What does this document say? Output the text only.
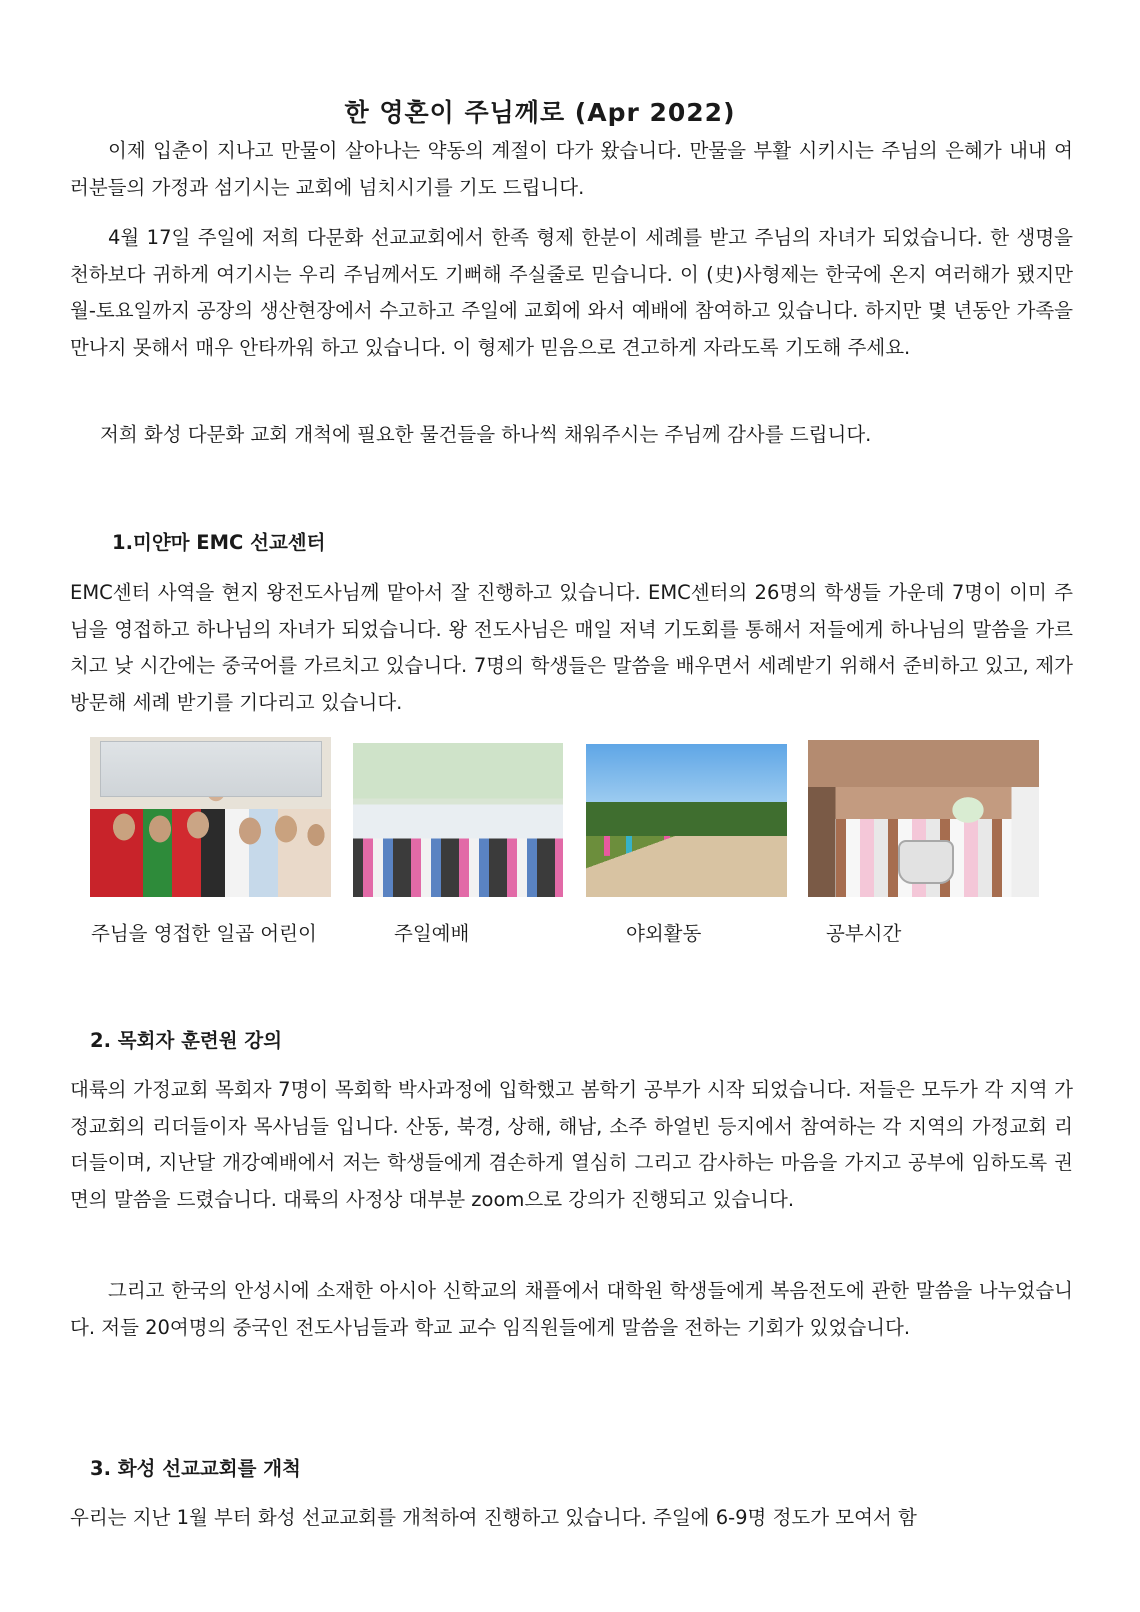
한 영혼이 주님께로 (Apr 2022)

이제 입춘이 지나고 만물이 살아나는 약동의 계절이 다가 왔습니다. 만물을 부활 시키시는 주님의 은혜가 내내 여러분들의 가정과 섬기시는 교회에 넘치시기를 기도 드립니다.

4월 17일 주일에 저희 다문화 선교교회에서 한족 형제 한분이 세례를 받고 주님의 자녀가 되었습니다. 한 생명을 천하보다 귀하게 여기시는 우리 주님께서도 기뻐해 주실줄로 믿습니다. 이 (史)사형제는 한국에 온지 여러해가 됐지만 월-토요일까지 공장의 생산현장에서 수고하고 주일에 교회에 와서 예배에 참여하고 있습니다. 하지만 몇 년동안 가족을 만나지 못해서 매우 안타까워 하고 있습니다. 이 형제가 믿음으로 견고하게 자라도록 기도해 주세요.

저희 화성 다문화 교회 개척에 필요한 물건들을 하나씩 채워주시는 주님께 감사를 드립니다.

1.미얀마 EMC 선교센터

EMC센터 사역을 현지 왕전도사님께 맡아서 잘 진행하고 있습니다. EMC센터의 26명의 학생들 가운데 7명이 이미 주님을 영접하고 하나님의 자녀가 되었습니다. 왕 전도사님은 매일 저녁 기도회를 통해서 저들에게 하나님의 말씀을 가르치고 낮 시간에는 중국어를 가르치고 있습니다. 7명의 학생들은 말씀을 배우면서 세례받기 위해서 준비하고 있고, 제가 방문해 세례 받기를 기다리고 있습니다.

주님을 영접한 일곱 어린이	주일예배	야외활동	공부시간

2. 목회자 훈련원 강의

대륙의 가정교회 목회자 7명이 목회학 박사과정에 입학했고 봄학기 공부가 시작 되었습니다. 저들은 모두가 각 지역 가정교회의 리더들이자 목사님들 입니다. 산동, 북경, 상해, 해남, 소주 하얼빈 등지에서 참여하는 각 지역의 가정교회 리더들이며, 지난달 개강예배에서 저는 학생들에게 겸손하게 열심히 그리고 감사하는 마음을 가지고 공부에 임하도록 권면의 말씀을 드렸습니다. 대륙의 사정상 대부분 zoom으로 강의가 진행되고 있습니다.

그리고 한국의 안성시에 소재한 아시아 신학교의 채플에서 대학원 학생들에게 복음전도에 관한 말씀을 나누었습니다. 저들 20여명의 중국인 전도사님들과 학교 교수 임직원들에게 말씀을 전하는 기회가 있었습니다.

3. 화성 선교교회를 개척

우리는 지난 1월 부터 화성 선교교회를 개척하여 진행하고 있습니다. 주일에 6-9명 정도가 모여서 함
